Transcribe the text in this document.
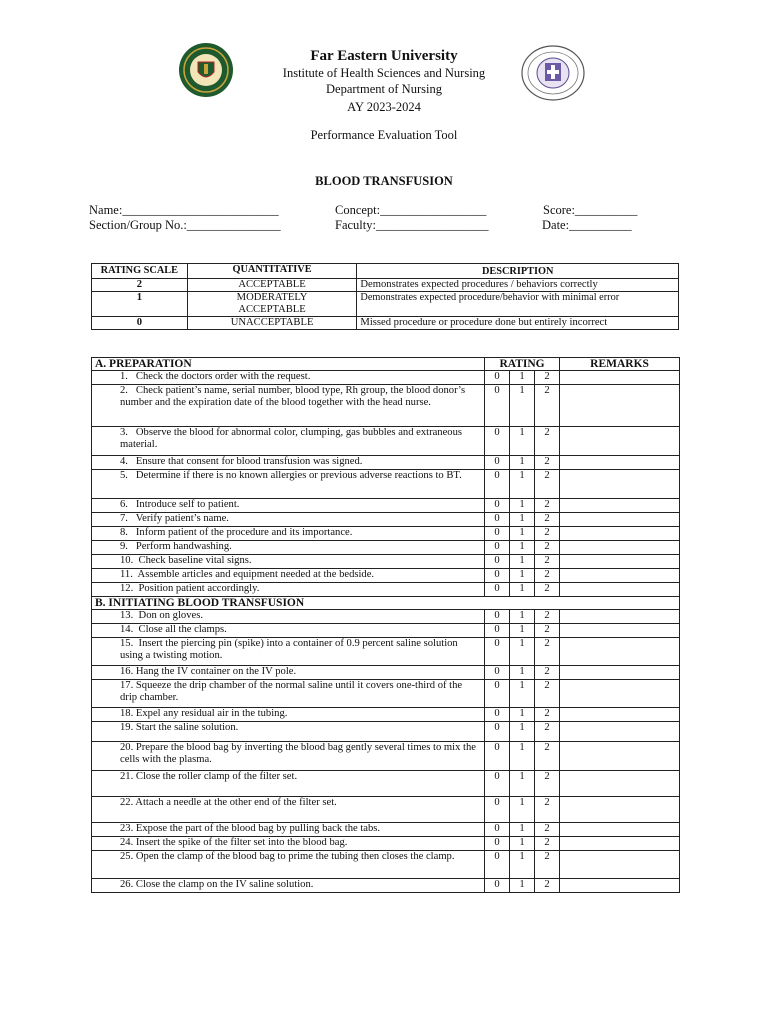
Far Eastern University
Institute of Health Sciences and Nursing
Department of Nursing
AY 2023-2024
Performance Evaluation Tool
BLOOD TRANSFUSION
Name:_________________________	Concept:_________________	Score:__________
Section/Group No.:_______________	Faculty:__________________	Date:__________
RATING SCALE	QUANTITATIVE	DESCRIPTION
2	ACCEPTABLE	Demonstrates expected procedures / behaviors correctly
1	MODERATELY ACCEPTABLE	Demonstrates expected procedure/behavior with minimal error
0	UNACCEPTABLE	Missed procedure or procedure done but entirely incorrect
A. PREPARATION	RATING			REMARKS
1.   Check the doctors order with the request.	0	1	2	
2.   Check patient’s name, serial number, blood type, Rh group, the blood donor’s number and the expiration date of the blood together with the head nurse.	0	1	2	
3.   Observe the blood for abnormal color, clumping, gas bubbles and extraneous material.	0	1	2	
4.   Ensure that consent for blood transfusion was signed.	0	1	2	
5.   Determine if there is no known allergies or previous adverse reactions to BT.	0	1	2	
6.   Introduce self to patient.	0	1	2	
7.   Verify patient’s name.	0	1	2	
8.   Inform patient of the procedure and its importance.	0	1	2	
9.   Perform handwashing.	0	1	2	
10.  Check baseline vital signs.	0	1	2	
11.  Assemble articles and equipment needed at the bedside.	0	1	2	
12.  Position patient accordingly.	0	1	2	
B. INITIATING BLOOD TRANSFUSION				
13.  Don on gloves.	0	1	2	
14.  Close all the clamps.	0	1	2	
15.  Insert the piercing pin (spike) into a container of 0.9 percent saline solution using a twisting motion.	0	1	2	
16. Hang the IV container on the IV pole.	0	1	2	
17. Squeeze the drip chamber of the normal saline until it covers one-third of the drip chamber.	0	1	2	
18. Expel any residual air in the tubing.	0	1	2	
19. Start the saline solution.	0	1	2	
20. Prepare the blood bag by inverting the blood bag gently several times to mix the cells with the plasma.	0	1	2	
21. Close the roller clamp of the filter set.	0	1	2	
22. Attach a needle at the other end of the filter set.	0	1	2	
23. Expose the part of the blood bag by pulling back the tabs.	0	1	2	
24. Insert the spike of the filter set into the blood bag.	0	1	2	
25. Open the clamp of the blood bag to prime the tubing then closes the clamp.	0	1	2	
26. Close the clamp on the IV saline solution.	0	1	2	
